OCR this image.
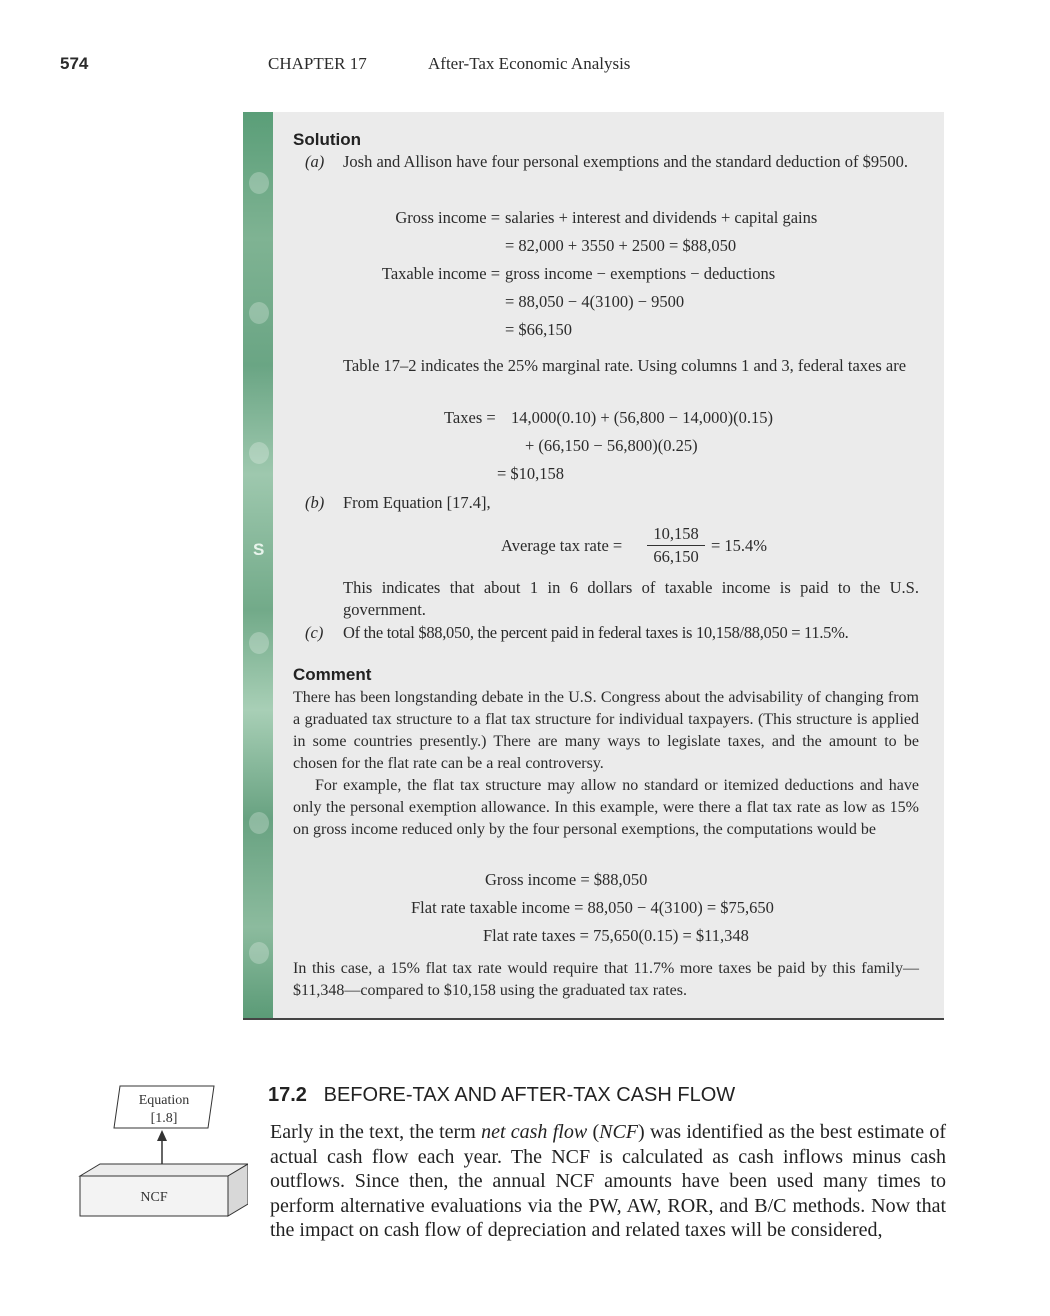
574	CHAPTER 17	After-Tax Economic Analysis
S
Solution
(a) Josh and Allison have four personal exemptions and the standard deduction of $9500.
Gross income = salaries + interest and dividends + capital gains
= 82,000 + 3550 + 2500 = $88,050
Taxable income = gross income − exemptions − deductions
= 88,050 − 4(3100) − 9500
= $66,150
Table 17–2 indicates the 25% marginal rate. Using columns 1 and 3, federal taxes are
Taxes = 14,000(0.10) + (56,800 − 14,000)(0.15)
+ (66,150 − 56,800)(0.25)
= $10,158
(b) From Equation [17.4],
Average tax rate =
10,158
66,150
= 15.4%
This indicates that about 1 in 6 dollars of taxable income is paid to the U.S. government.
(c) Of the total $88,050, the percent paid in federal taxes is 10,158/88,050 = 11.5%.
Comment
There has been longstanding debate in the U.S. Congress about the advisability of changing from a graduated tax structure to a flat tax structure for individual taxpayers. (This structure is applied in some countries presently.) There are many ways to legislate taxes, and the amount to be chosen for the flat rate can be a real controversy.
For example, the flat tax structure may allow no standard or itemized deductions and have only the personal exemption allowance. In this example, were there a flat tax rate as low as 15% on gross income reduced only by the four personal exemptions, the computations would be
Gross income = $88,050
Flat rate taxable income = 88,050 − 4(3100) = $75,650
Flat rate taxes = 75,650(0.15) = $11,348
In this case, a 15% flat tax rate would require that 11.7% more taxes be paid by this family—$11,348—compared to $10,158 using the graduated tax rates.
Equation
[1.8]
NCF
17.2 BEFORE-TAX AND AFTER-TAX CASH FLOW
Early in the text, the term net cash flow (NCF) was identified as the best estimate of actual cash flow each year. The NCF is calculated as cash inflows minus cash outflows. Since then, the annual NCF amounts have been used many times to perform alternative evaluations via the PW, AW, ROR, and B/C methods. Now that the impact on cash flow of depreciation and related taxes will be considered,
